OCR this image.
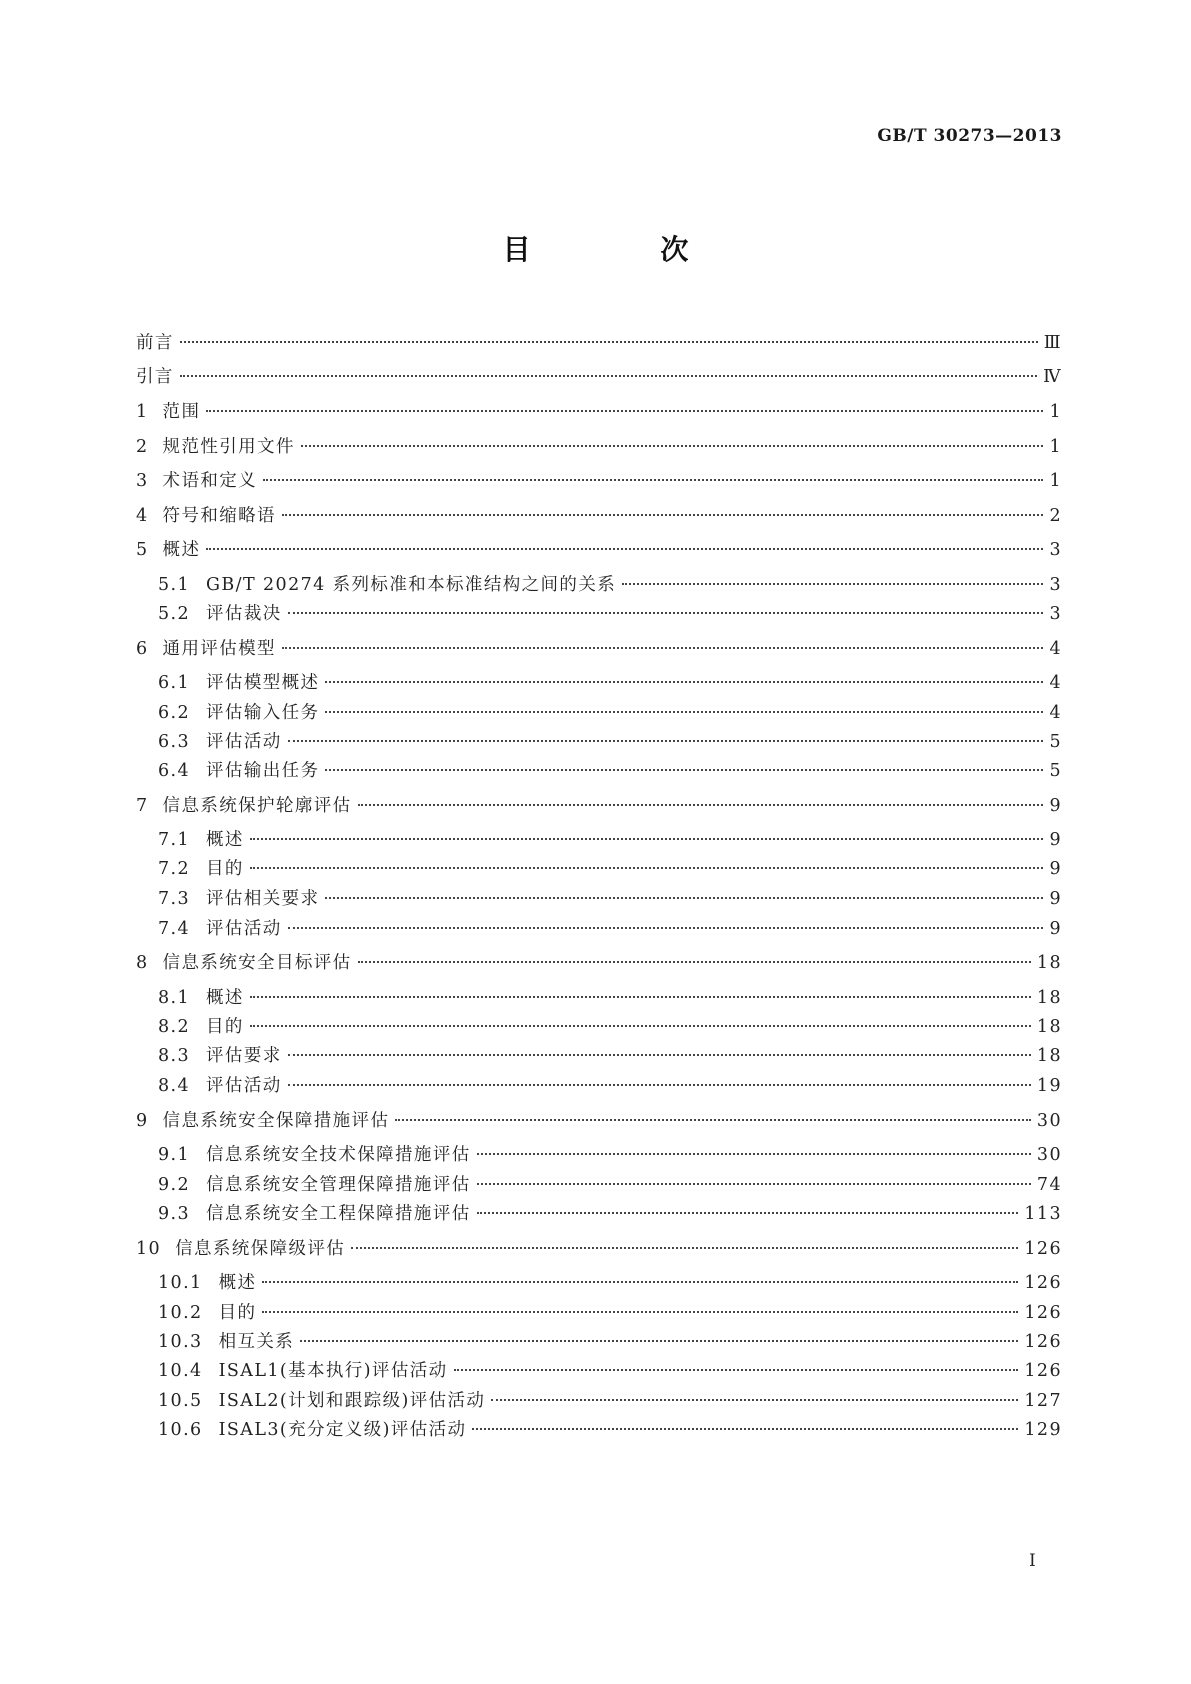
GB/T 30273—2013
目 次
前言	Ⅲ
引言	Ⅳ
1 范围	1
2 规范性引用文件	1
3 术语和定义	1
4 符号和缩略语	2
5 概述	3
5.1 GB/T 20274 系列标准和本标准结构之间的关系	3
5.2 评估裁决	3
6 通用评估模型	4
6.1 评估模型概述	4
6.2 评估输入任务	4
6.3 评估活动	5
6.4 评估输出任务	5
7 信息系统保护轮廓评估	9
7.1 概述	9
7.2 目的	9
7.3 评估相关要求	9
7.4 评估活动	9
8 信息系统安全目标评估	18
8.1 概述	18
8.2 目的	18
8.3 评估要求	18
8.4 评估活动	19
9 信息系统安全保障措施评估	30
9.1 信息系统安全技术保障措施评估	30
9.2 信息系统安全管理保障措施评估	74
9.3 信息系统安全工程保障措施评估	113
10 信息系统保障级评估	126
10.1 概述	126
10.2 目的	126
10.3 相互关系	126
10.4 ISAL1(基本执行)评估活动	126
10.5 ISAL2(计划和跟踪级)评估活动	127
10.6 ISAL3(充分定义级)评估活动	129
I
